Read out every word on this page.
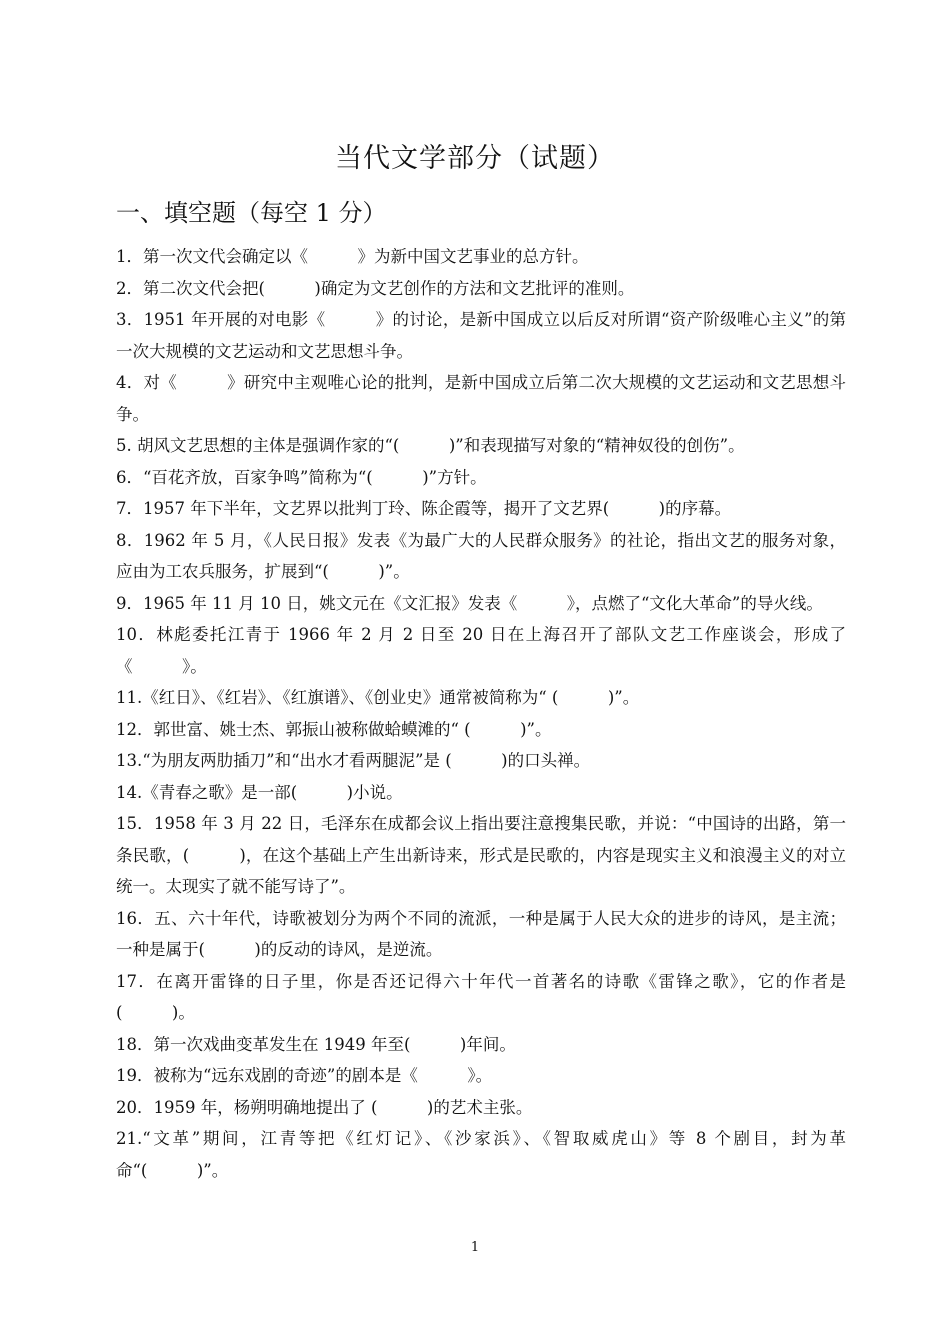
当代文学部分（试题）
一、填空题（每空 1 分）
1．第一次文代会确定以《　　　》为新中国文艺事业的总方针。
2．第二次文代会把(　　　)确定为文艺创作的方法和文艺批评的准则。
3．1951 年开展的对电影《　　　》的讨论，是新中国成立以后反对所谓“资产阶级唯心主义”的第一次大规模的文艺运动和文艺思想斗争。
4．对《　　　》研究中主观唯心论的批判，是新中国成立后第二次大规模的文艺运动和文艺思想斗争。
5. 胡风文艺思想的主体是强调作家的“(　　　)”和表现描写对象的“精神奴役的创伤”。
6．“百花齐放，百家争鸣”简称为“(　　　)”方针。
7．1957 年下半年，文艺界以批判丁玲、陈企霞等，揭开了文艺界(　　　)的序幕。
8．1962 年 5 月，《人民日报》发表《为最广大的人民群众服务》的社论，指出文艺的服务对象，应由为工农兵服务，扩展到“(　　　)”。
9．1965 年 11 月 10 日，姚文元在《文汇报》发表《　　　》，点燃了“文化大革命”的导火线。
10．林彪委托江青于 1966 年 2 月 2 日至 20 日在上海召开了部队文艺工作座谈会，形成了《　　　》。
11.《红日》、《红岩》、《红旗谱》、《创业史》通常被简称为“ (　　　)”。
12．郭世富、姚士杰、郭振山被称做蛤蟆滩的“ (　　　)”。
13.“为朋友两肋插刀”和“出水才看两腿泥”是 (　　　)的口头禅。
14.《青春之歌》是一部(　　　)小说。
15．1958 年 3 月 22 日，毛泽东在成都会议上指出要注意搜集民歌，并说：“中国诗的出路，第一条民歌，(　　　)，在这个基础上产生出新诗来，形式是民歌的，内容是现实主义和浪漫主义的对立统一。太现实了就不能写诗了”。
16．五、六十年代，诗歌被划分为两个不同的流派，一种是属于人民大众的进步的诗风，是主流；一种是属于(　　　)的反动的诗风，是逆流。
17．在离开雷锋的日子里，你是否还记得六十年代一首著名的诗歌《雷锋之歌》，它的作者是(　　　)。
18．第一次戏曲变革发生在 1949 年至(　　　)年间。
19．被称为“远东戏剧的奇迹”的剧本是《　　　》。
20．1959 年，杨朔明确地提出了 (　　　)的艺术主张。
21.“文革”期间，江青等把《红灯记》、《沙家浜》、《智取威虎山》等 8 个剧目，封为革命“(　　　)”。
1
